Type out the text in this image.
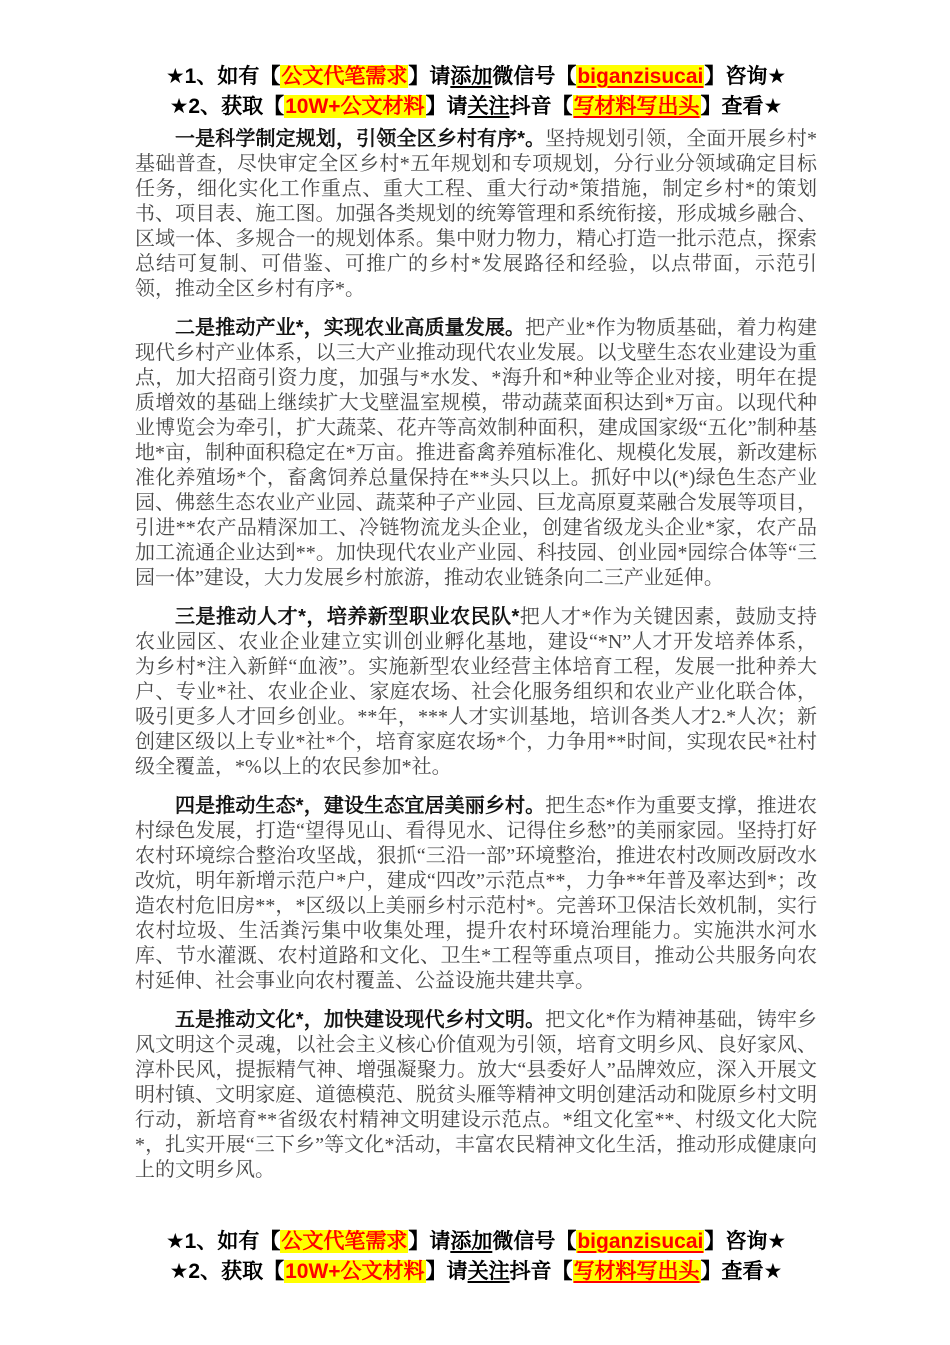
★1、如有【公文代笔需求】请添加微信号【biganzisucai】咨询★
★2、获取【10W+公文材料】请关注抖音【写材料写出头】查看★

一是科学制定规划，引领全区乡村有序*。坚持规划引领，全面开展乡村*基础普查，尽快审定全区乡村*五年规划和专项规划，分行业分领域确定目标任务，细化实化工作重点、重大工程、重大行动*策措施，制定乡村*的策划书、项目表、施工图。加强各类规划的统筹管理和系统衔接，形成城乡融合、区域一体、多规合一的规划体系。集中财力物力，精心打造一批示范点，探索总结可复制、可借鉴、可推广的乡村*发展路径和经验，以点带面，示范引领，推动全区乡村有序*。

二是推动产业*，实现农业高质量发展。把产业*作为物质基础，着力构建现代乡村产业体系，以三大产业推动现代农业发展。以戈壁生态农业建设为重点，加大招商引资力度，加强与*水发、*海升和*种业等企业对接，明年在提质增效的基础上继续扩大戈壁温室规模，带动蔬菜面积达到*万亩。以现代种业博览会为牵引，扩大蔬菜、花卉等高效制种面积，建成国家级“五化”制种基地*亩，制种面积稳定在*万亩。推进畜禽养殖标准化、规模化发展，新改建标准化养殖场*个，畜禽饲养总量保持在**头只以上。抓好中以(*)绿色生态产业园、佛慈生态农业产业园、蔬菜种子产业园、巨龙高原夏菜融合发展等项目，引进**农产品精深加工、冷链物流龙头企业，创建省级龙头企业*家，农产品加工流通企业达到**。加快现代农业产业园、科技园、创业园*园综合体等“三园一体”建设，大力发展乡村旅游，推动农业链条向二三产业延伸。

三是推动人才*，培养新型职业农民队*把人才*作为关键因素，鼓励支持农业园区、农业企业建立实训创业孵化基地，建设“*N”人才开发培养体系，为乡村*注入新鲜“血液”。实施新型农业经营主体培育工程，发展一批种养大户、专业*社、农业企业、家庭农场、社会化服务组织和农业产业化联合体，吸引更多人才回乡创业。**年，***人才实训基地，培训各类人才2.*人次；新创建区级以上专业*社*个，培育家庭农场*个，力争用**时间，实现农民*社村级全覆盖，*%以上的农民参加*社。

四是推动生态*，建设生态宜居美丽乡村。把生态*作为重要支撑，推进农村绿色发展，打造“望得见山、看得见水、记得住乡愁”的美丽家园。坚持打好农村环境综合整治攻坚战，狠抓“三沿一部”环境整治，推进农村改厕改厨改水改炕，明年新增示范户*户，建成“四改”示范点**，力争**年普及率达到*；改造农村危旧房**，*区级以上美丽乡村示范村*。完善环卫保洁长效机制，实行农村垃圾、生活粪污集中收集处理，提升农村环境治理能力。实施洪水河水库、节水灌溉、农村道路和文化、卫生*工程等重点项目，推动公共服务向农村延伸、社会事业向农村覆盖、公益设施共建共享。

五是推动文化*，加快建设现代乡村文明。把文化*作为精神基础，铸牢乡风文明这个灵魂，以社会主义核心价值观为引领，培育文明乡风、良好家风、淳朴民风，提振精气神、增强凝聚力。放大“县委好人”品牌效应，深入开展文明村镇、文明家庭、道德模范、脱贫头雁等精神文明创建活动和陇原乡村文明行动，新培育**省级农村精神文明建设示范点。*组文化室**、村级文化大院*，扎实开展“三下乡”等文化*活动，丰富农民精神文化生活，推动形成健康向上的文明乡风。

★1、如有【公文代笔需求】请添加微信号【biganzisucai】咨询★
★2、获取【10W+公文材料】请关注抖音【写材料写出头】查看★
